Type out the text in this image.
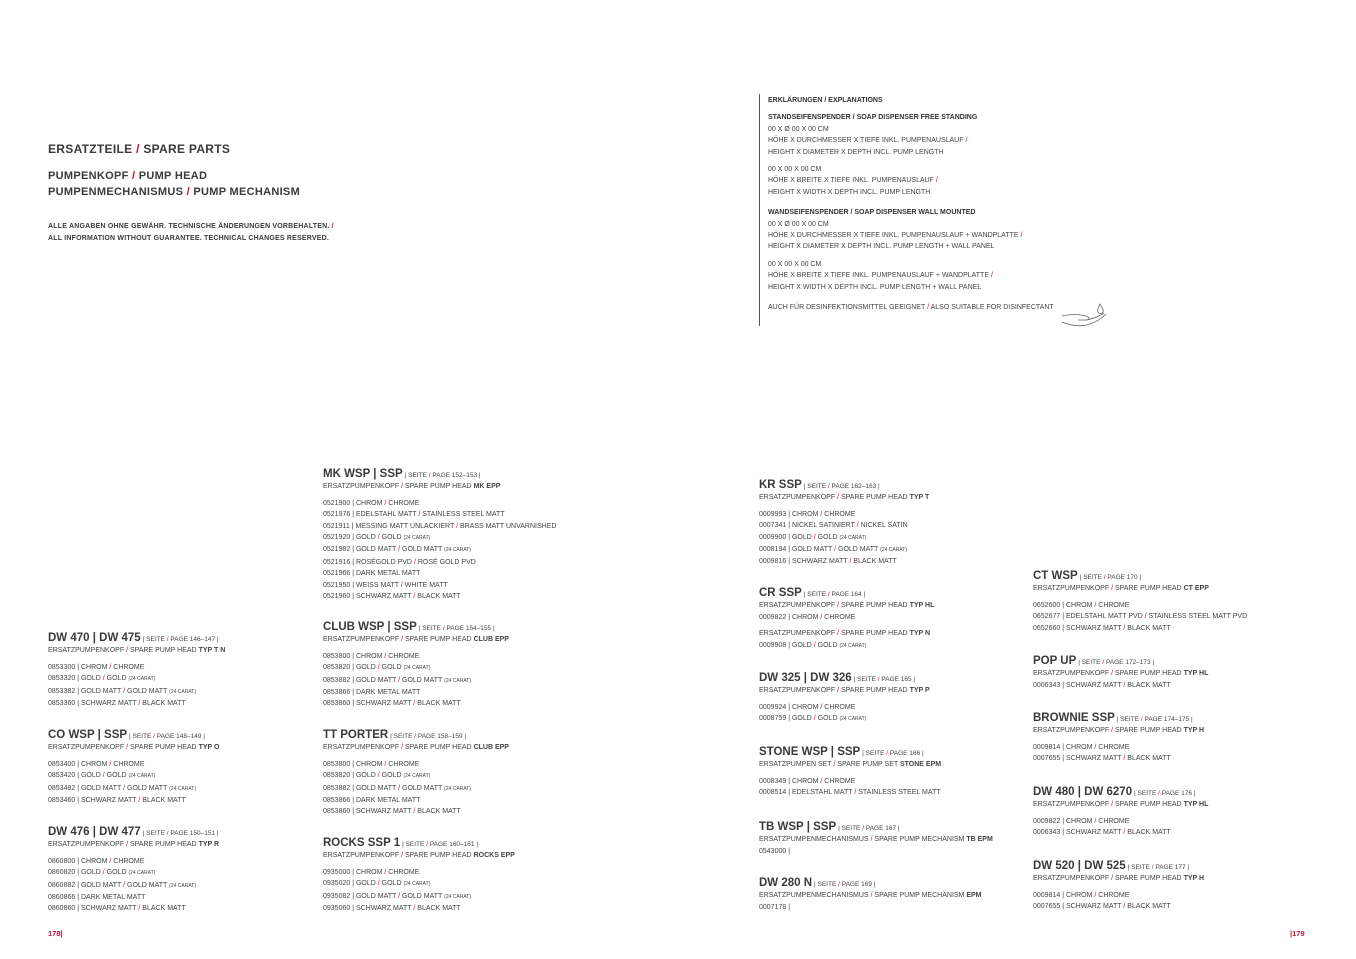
ERSATZTEILE / SPARE PARTS
PUMPENKOPF / PUMP HEAD
PUMPENMECHANISMUS / PUMP MECHANISM
ALLE ANGABEN OHNE GEWÄHR. TECHNISCHE ÄNDERUNGEN VORBEHALTEN. /
ALL INFORMATION WITHOUT GUARANTEE. TECHNICAL CHANGES RESERVED.
ERKLÄRUNGEN / EXPLANATIONS
STANDSEIFENSPENDER / SOAP DISPENSER FREE STANDING
00 X Ø 00 X 00 CM
HÖHE X DURCHMESSER X TIEFE INKL. PUMPENAUSLAUF /
HEIGHT X DIAMETER X DEPTH INCL. PUMP LENGTH
00 X 00 X 00 CM
HÖHE X BREITE X TIEFE INKL. PUMPENAUSLAUF /
HEIGHT X WIDTH X DEPTH INCL. PUMP LENGTH
WANDSEIFENSPENDER / SOAP DISPENSER WALL MOUNTED
00 X Ø 00 X 00 CM
HÖHE X DURCHMESSER X TIEFE INKL. PUMPENAUSLAUF + WANDPLATTE /
HEIGHT X DIAMETER X DEPTH INCL. PUMP LENGTH + WALL PANEL
00 X 00 X 00 CM
HÖHE X BREITE X TIEFE INKL. PUMPENAUSLAUF + WANDPLATTE /
HEIGHT X WIDTH X DEPTH INCL. PUMP LENGTH + WALL PANEL
AUCH FÜR DESINFEKTIONSMITTEL GEEIGNET / ALSO SUITABLE FOR DISINFECTANT
DW 470 | DW 475 | SEITE / PAGE 146–147 |
ERSATZPUMPENKOPF / SPARE PUMP HEAD TYP T N
0853300 | CHROM / CHROME
0853320 | GOLD / GOLD (24 CARAT)
0853382 | GOLD MATT / GOLD MATT (24 CARAT)
0853360 | SCHWARZ MATT / BLACK MATT
CO WSP | SSP | SEITE / PAGE 148–149 |
ERSATZPUMPENKOPF / SPARE PUMP HEAD TYP O
0853400 | CHROM / CHROME
0853420 | GOLD / GOLD (24 CARAT)
0853482 | GOLD MATT / GOLD MATT (24 CARAT)
0853460 | SCHWARZ MATT / BLACK MATT
DW 476 | DW 477 | SEITE / PAGE 150–151 |
ERSATZPUMPENKOPF / SPARE PUMP HEAD TYP R
0860800 | CHROM / CHROME
0860820 | GOLD / GOLD (24 CARAT)
0860882 | GOLD MATT / GOLD MATT (24 CARAT)
0860866 | DARK METAL MATT
0860860 | SCHWARZ MATT / BLACK MATT
MK WSP | SSP | SEITE / PAGE 152–153 |
ERSATZPUMPENKOPF / SPARE PUMP HEAD MK EPP
0521900 | CHROM / CHROME
0521976 | EDELSTAHL MATT / STAINLESS STEEL MATT
0521911 | MESSING MATT UNLACKIERT / BRASS MATT UNVARNISHED
0521920 | GOLD / GOLD (24 CARAT)
0521982 | GOLD MATT / GOLD MATT (24 CARAT)
0521916 | ROSÉGOLD PVD / ROSÉ GOLD PVD
0521966 | DARK METAL MATT
0521950 | WEISS MATT / WHITE MATT
0521960 | SCHWARZ MATT / BLACK MATT
CLUB WSP | SSP | SEITE / PAGE 154–155 |
ERSATZPUMPENKOPF / SPARE PUMP HEAD CLUB EPP
0853800 | CHROM / CHROME
0853820 | GOLD / GOLD (24 CARAT)
0853882 | GOLD MATT / GOLD MATT (24 CARAT)
0853866 | DARK METAL MATT
0853860 | SCHWARZ MATT / BLACK MATT
TT PORTER | SEITE / PAGE 158–159 |
ERSATZPUMPENKOPF / SPARE PUMP HEAD CLUB EPP
0853800 | CHROM / CHROME
0853820 | GOLD / GOLD (24 CARAT)
0853882 | GOLD MATT / GOLD MATT (24 CARAT)
0853866 | DARK METAL MATT
0853860 | SCHWARZ MATT / BLACK MATT
ROCKS SSP 1 | SEITE / PAGE 160–161 |
ERSATZPUMPENKOPF / SPARE PUMP HEAD ROCKS EPP
0935000 | CHROM / CHROME
0935020 | GOLD / GOLD (24 CARAT)
0935082 | GOLD MATT / GOLD MATT (24 CARAT)
0935060 | SCHWARZ MATT / BLACK MATT
KR SSP | SEITE / PAGE 162–163 |
ERSATZPUMPENKOPF / SPARE PUMP HEAD TYP T
0009993 | CHROM / CHROME
0007341 | NICKEL SATINIERT / NICKEL SATIN
0009900 | GOLD / GOLD (24 CARAT)
0008194 | GOLD MATT / GOLD MATT (24 CARAT)
0009816 | SCHWARZ MATT / BLACK MATT
CR SSP | SEITE / PAGE 164 |
ERSATZPUMPENKOPF / SPARE PUMP HEAD TYP HL
0009822 | CHROM / CHROME
ERSATZPUMPENKOPF / SPARE PUMP HEAD TYP N
0009908 | GOLD / GOLD (24 CARAT)
DW 325 | DW 326 | SEITE / PAGE 165 |
ERSATZPUMPENKOPF / SPARE PUMP HEAD TYP P
0009924 | CHROM / CHROME
0008759 | GOLD / GOLD (24 CARAT)
STONE WSP | SSP | SEITE / PAGE 166 |
ERSATZPUMPEN SET / SPARE PUMP SET STONE EPM
0008349 | CHROM / CHROME
0008514 | EDELSTAHL MATT / STAINLESS STEEL MATT
TB WSP | SSP | SEITE / PAGE 167 |
ERSATZPUMPENMECHANISMUS / SPARE PUMP MECHANISM TB EPM
0543000 |
DW 280 N | SEITE / PAGE 169 |
ERSATZPUMPENMECHANISMUS / SPARE PUMP MECHANISM EPM
0007178 |
CT WSP | SEITE / PAGE 170 |
ERSATZPUMPENKOPF / SPARE PUMP HEAD CT EPP
0652600 | CHROM / CHROME
0652677 | EDELSTAHL MATT PVD / STAINLESS STEEL MATT PVD
0652660 | SCHWARZ MATT / BLACK MATT
POP UP | SEITE / PAGE 172–173 |
ERSATZPUMPENKOPF / SPARE PUMP HEAD TYP HL
0006343 | SCHWARZ MATT / BLACK MATT
BROWNIE SSP | SEITE / PAGE 174–175 |
ERSATZPUMPENKOPF / SPARE PUMP HEAD TYP H
0009814 | CHROM / CHROME
0007655 | SCHWARZ MATT / BLACK MATT
DW 480 | DW 6270 | SEITE / PAGE 176 |
ERSATZPUMPENKOPF / SPARE PUMP HEAD TYP HL
0009822 | CHROM / CHROME
0006343 | SCHWARZ MATT / BLACK MATT
DW 520 | DW 525 | SEITE / PAGE 177 |
ERSATZPUMPENKOPF / SPARE PUMP HEAD TYP H
0009814 | CHROM / CHROME
0007655 | SCHWARZ MATT / BLACK MATT
178|	|179
